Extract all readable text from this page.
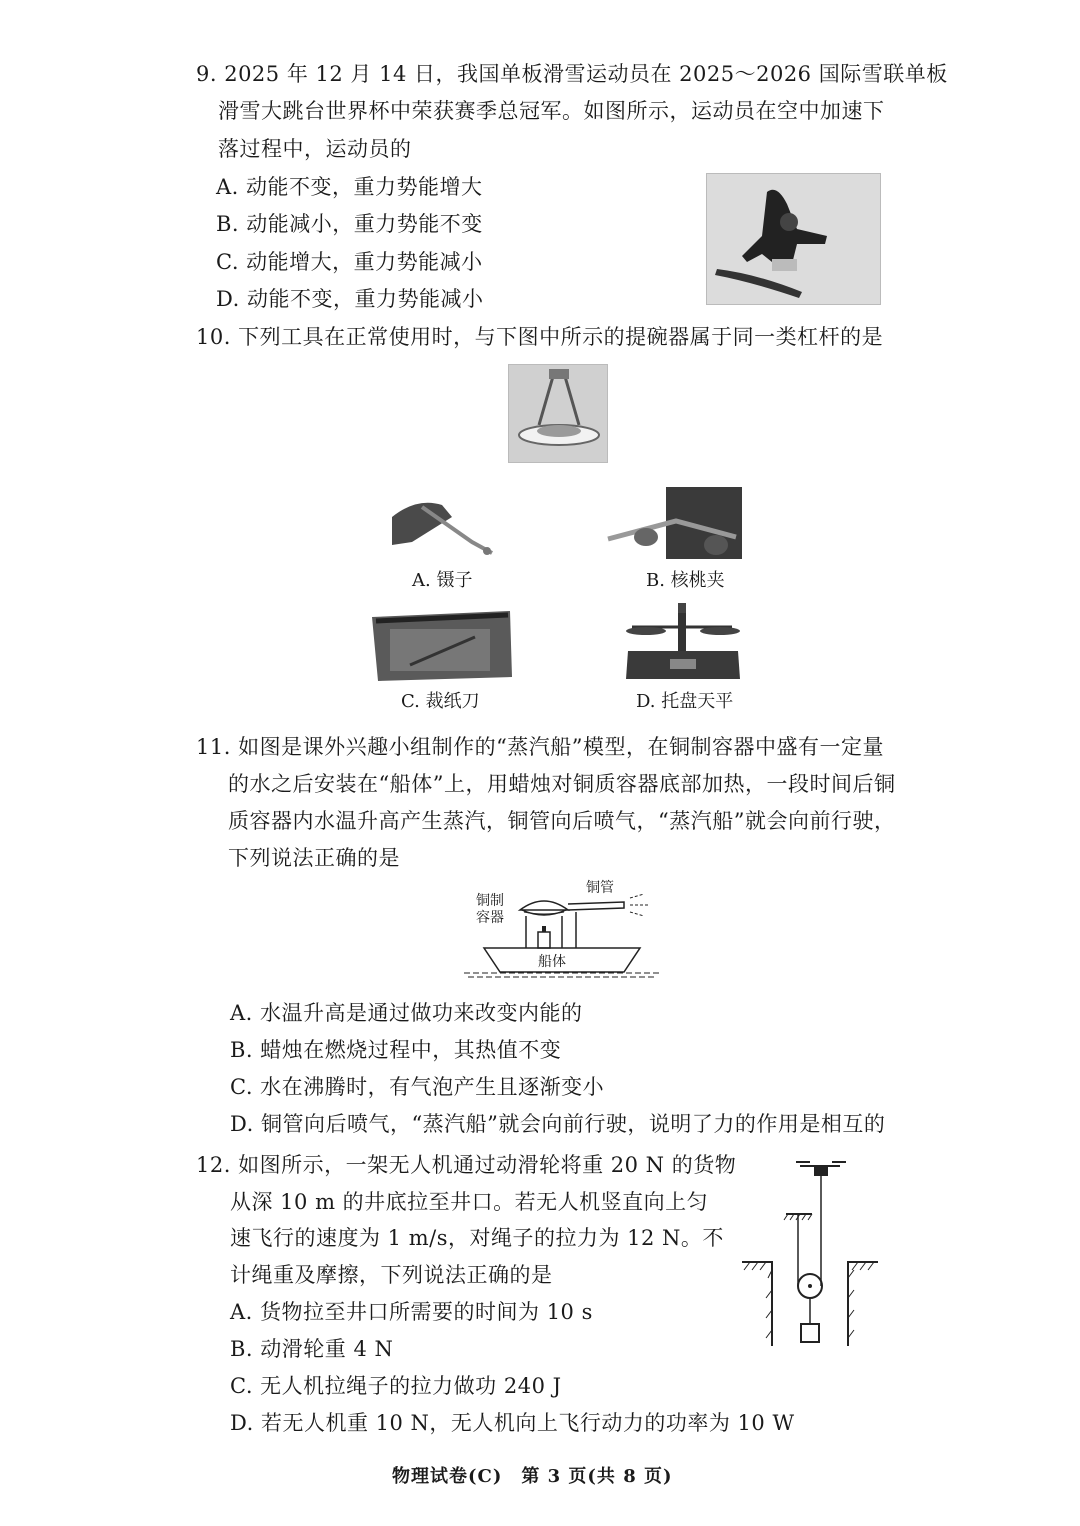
9. 2025 年 12 月 14 日，我国单板滑雪运动员在 2025～2026 国际雪联单板
滑雪大跳台世界杯中荣获赛季总冠军。如图所示，运动员在空中加速下
落过程中，运动员的
A. 动能不变，重力势能增大
B. 动能减小，重力势能不变
C. 动能增大，重力势能减小
D. 动能不变，重力势能减小
10. 下列工具在正常使用时，与下图中所示的提碗器属于同一类杠杆的是
A. 镊子	B. 核桃夹
C. 裁纸刀	D. 托盘天平
11. 如图是课外兴趣小组制作的“蒸汽船”模型，在铜制容器中盛有一定量
的水之后安装在“船体”上，用蜡烛对铜质容器底部加热，一段时间后铜
质容器内水温升高产生蒸汽，铜管向后喷气，“蒸汽船”就会向前行驶，
下列说法正确的是
铜制
容器
铜管
船体
A. 水温升高是通过做功来改变内能的
B. 蜡烛在燃烧过程中，其热值不变
C. 水在沸腾时，有气泡产生且逐渐变小
D. 铜管向后喷气，“蒸汽船”就会向前行驶，说明了力的作用是相互的
12. 如图所示，一架无人机通过动滑轮将重 20 N 的货物
从深 10 m 的井底拉至井口。若无人机竖直向上匀
速飞行的速度为 1 m/s，对绳子的拉力为 12 N。不
计绳重及摩擦，下列说法正确的是
A. 货物拉至井口所需要的时间为 10 s
B. 动滑轮重 4 N
C. 无人机拉绳子的拉力做功 240 J
D. 若无人机重 10 N，无人机向上飞行动力的功率为 10 W
物理试卷(C)　第 3 页(共 8 页)
